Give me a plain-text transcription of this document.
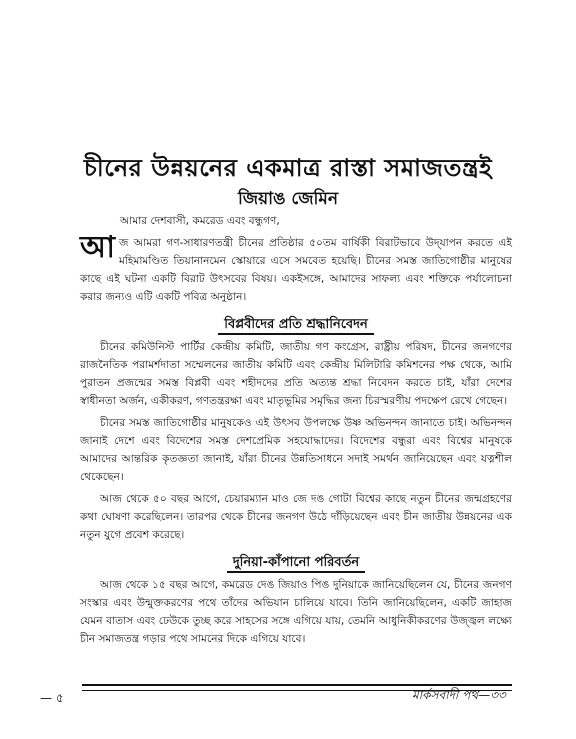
চীনের উন্নয়নের একমাত্র রাস্তা সমাজতন্ত্রই
জিয়াঙ জেমিন

আমার দেশবাসী, কমরেড এবং বন্ধুগণ,

আজ আমরা গণ-সাধারণতন্ত্রী চীনের প্রতিষ্ঠার ৫০তম বার্ষিকী বিরাটভাবে উদ্‌যাপন করতে এই মহিমামণ্ডিত তিয়ানানমেন স্কোয়ারে এসে সমবেত হয়েছি। চীনের সমস্ত জাতিগোষ্ঠীর মানুষের কাছে এই ঘটনা একটি বিরাট উৎসবের বিষয়। একইসঙ্গে, আমাদের সাফল্য এবং শক্তিকে পর্যালোচনা করার জন্যও এটি একটি পবিত্র অনুষ্ঠান।

বিপ্লবীদের প্রতি শ্রদ্ধানিবেদন

চীনের কমিউনিস্ট পার্টির কেন্দ্রীয় কমিটি, জাতীয় গণ কংগ্রেস, রাষ্ট্রীয় পরিষদ, চীনের জনগণের রাজনৈতিক পরামর্শদাতা সম্মেলনের জাতীয় কমিটি এবং কেন্দ্রীয় মিলিটারি কমিশনের পক্ষ থেকে, আমি পুরাতন প্রজন্মের সমস্ত বিপ্লবী এবং শহীদদের প্রতি অত্যন্ত শ্রদ্ধা নিবেদন করতে চাই, যাঁরা দেশের স্বাধীনতা অর্জন, একীকরণ, গণতন্ত্ররক্ষা এবং মাতৃভূমির সমৃদ্ধির জন্য চিরস্মরণীয় পদক্ষেপ রেখে গেছেন।

চীনের সমস্ত জাতিগোষ্ঠীর মানুষকেও এই উৎসব উপলক্ষে উষ্ণ অভিনন্দন জানাতে চাই। অভিনন্দন জানাই দেশে এবং বিদেশের সমস্ত দেশপ্রেমিক সহযোদ্ধাদের। বিদেশের বন্ধুরা এবং বিশ্বের মানুষকে আমাদের আন্তরিক কৃতজ্ঞতা জানাই, যাঁরা চীনের উন্নতিসাধনে সদাই সমর্থন জানিয়েছেন এবং যত্নশীল থেকেছেন।

আজ থেকে ৫০ বছর আগে, চেয়ারম্যান মাও জে দঙ গোটা বিশ্বের কাছে নতুন চীনের জন্মগ্রহণের কথা ঘোষণা করেছিলেন। তারপর থেকে চীনের জনগণ উঠে দাঁড়িয়েছেন এবং চীন জাতীয় উন্নয়নের এক নতুন যুগে প্রবেশ করেছে।

দুনিয়া-কাঁপানো পরিবর্তন

আজ থেকে ১৫ বছর আগে, কমরেড দেঙ জিয়াও পিঙ দুনিয়াকে জানিয়েছিলেন যে, চীনের জনগণ সংস্কার এবং উন্মুক্তকরণের পথে তাঁদের অভিযান চালিয়ে যাবে। তিনি জানিয়েছিলেন, একটি জাহাজ যেমন বাতাস এবং ঢেউকে তুচ্ছ করে সাহসের সঙ্গে এগিয়ে যায়, তেমনি আধুনিকীকরণের উজ্জ্বল লক্ষ্যে চীন সমাজতন্ত্র গড়ার পথে সামনের দিকে এগিয়ে যাবে।

— ৫	মার্কসবাদী পথ—৩৩
